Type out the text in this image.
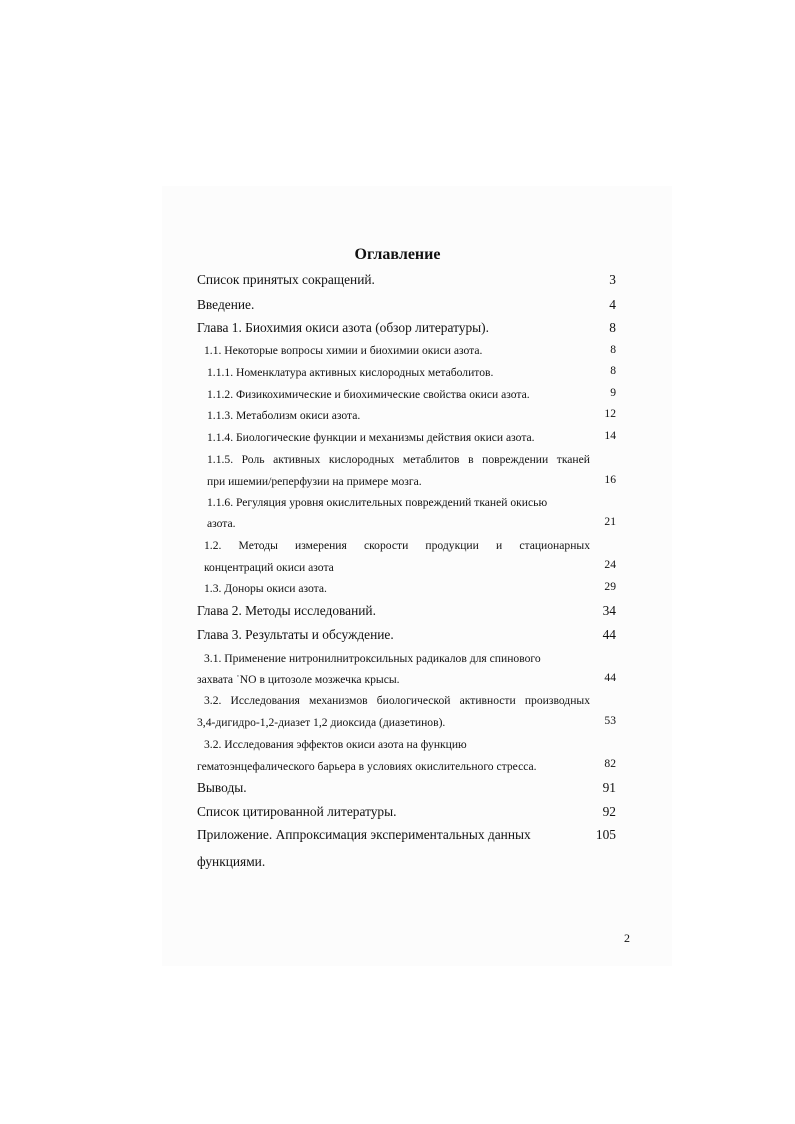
Оглавление
Список принятых сокращений.	3
Введение.	4
Глава 1. Биохимия окиси азота (обзор литературы).	8
1.1. Некоторые вопросы химии и биохимии окиси азота.	8
1.1.1. Номенклатура активных кислородных метаболитов.	8
1.1.2. Физикохимические и биохимические свойства окиси азота.	9
1.1.3. Метаболизм окиси азота.	12
1.1.4. Биологические функции и механизмы действия окиси азота.	14
1.1.5. Роль активных кислородных метаблитов в повреждении тканей
при ишемии/реперфузии на примере мозга.	16
1.1.6. Регуляция уровня окислительных повреждений тканей окисью
азота.	21
1.2. Методы измерения скорости продукции и стационарных
концентраций окиси азота	24
1.3. Доноры окиси азота.	29
Глава 2. Методы исследований.	34
Глава 3. Результаты и обсуждение.	44
3.1. Применение нитронилнитроксильных радикалов для спинового
захвата ˙NO в цитозоле мозжечка крысы.	44
3.2. Исследования механизмов биологической активности производных
3,4-дигидро-1,2-диазет 1,2 диоксида (диазетинов).	53
3.2. Исследования эффектов окиси азота на функцию
гематоэнцефалического барьера в условиях окислительного стресса.	82
Выводы.	91
Список цитированной литературы.	92
Приложение. Аппроксимация экспериментальных данных	105
функциями.
2
